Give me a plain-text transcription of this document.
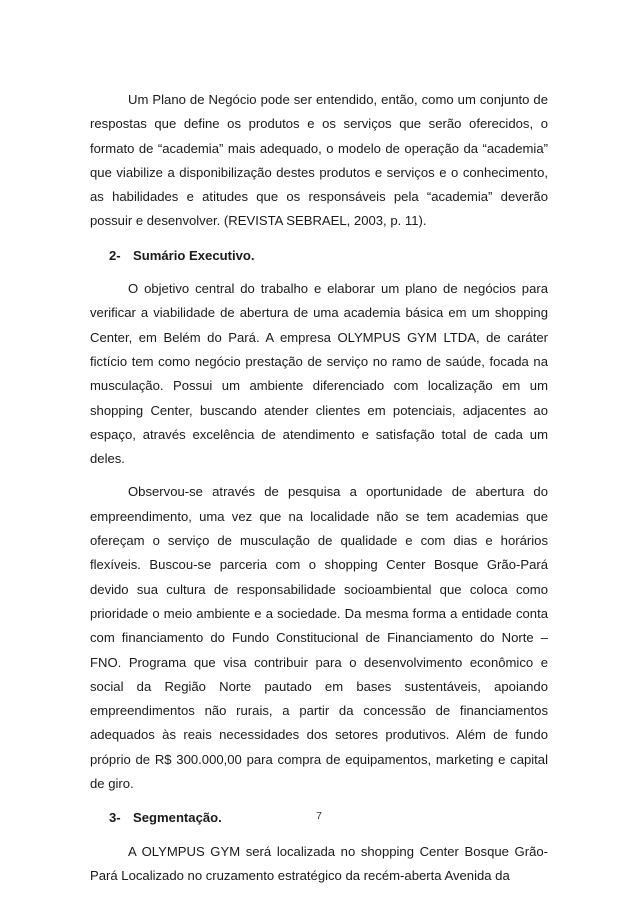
Um Plano de Negócio pode ser entendido, então, como um conjunto de respostas que define os produtos e os serviços que serão oferecidos, o formato de “academia” mais adequado, o modelo de operação da “academia” que viabilize a disponibilização destes produtos e serviços e o conhecimento, as habilidades e atitudes que os responsáveis pela “academia” deverão possuir e desenvolver. (REVISTA SEBRAEL, 2003, p. 11).

2- Sumário Executivo.

O objetivo central do trabalho e elaborar um plano de negócios para verificar a viabilidade de abertura de uma academia básica em um shopping Center, em Belém do Pará. A empresa OLYMPUS GYM LTDA, de caráter fictício tem como negócio prestação de serviço no ramo de saúde, focada na musculação. Possui um ambiente diferenciado com localização em um shopping Center, buscando atender clientes em potenciais, adjacentes ao espaço, através excelência de atendimento e satisfação total de cada um deles.

Observou-se através de pesquisa a oportunidade de abertura do empreendimento, uma vez que na localidade não se tem academias que ofereçam o serviço de musculação de qualidade e com dias e horários flexíveis. Buscou-se parceria com o shopping Center Bosque Grão-Pará devido sua cultura de responsabilidade socioambiental que coloca como prioridade o meio ambiente e a sociedade. Da mesma forma a entidade conta com financiamento do Fundo Constitucional de Financiamento do Norte – FNO. Programa que visa contribuir para o desenvolvimento econômico e social da Região Norte pautado em bases sustentáveis, apoiando empreendimentos não rurais, a partir da concessão de financiamentos adequados às reais necessidades dos setores produtivos. Além de fundo próprio de R$ 300.000,00 para compra de equipamentos, marketing e capital de giro.

3- Segmentação.

A OLYMPUS GYM será localizada no shopping Center Bosque Grão-Pará Localizado no cruzamento estratégico da recém-aberta Avenida da

7
